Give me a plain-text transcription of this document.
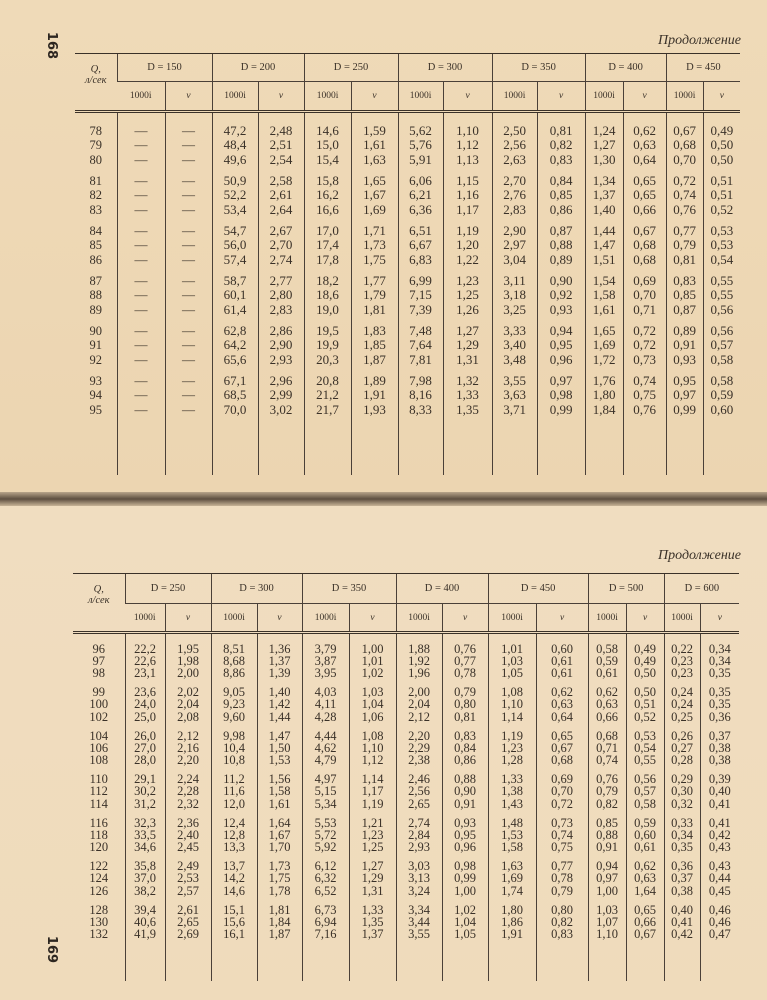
168	Продолжение
Q,
л/сек	D = 150		D = 200		D = 250		D = 300		D = 350		D = 400		D = 450	
	1000i	v	1000i	v	1000i	v	1000i	v	1000i	v	1000i	v	1000i	v

78	—	—	47,2	2,48	14,6	1,59	5,62	1,10	2,50	0,81	1,24	0,62	0,67	0,49
79	—	—	48,4	2,51	15,0	1,61	5,76	1,12	2,56	0,82	1,27	0,63	0,68	0,50
80	—	—	49,6	2,54	15,4	1,63	5,91	1,13	2,63	0,83	1,30	0,64	0,70	0,50

81	—	—	50,9	2,58	15,8	1,65	6,06	1,15	2,70	0,84	1,34	0,65	0,72	0,51
82	—	—	52,2	2,61	16,2	1,67	6,21	1,16	2,76	0,85	1,37	0,65	0,74	0,51
83	—	—	53,4	2,64	16,6	1,69	6,36	1,17	2,83	0,86	1,40	0,66	0,76	0,52

84	—	—	54,7	2,67	17,0	1,71	6,51	1,19	2,90	0,87	1,44	0,67	0,77	0,53
85	—	—	56,0	2,70	17,4	1,73	6,67	1,20	2,97	0,88	1,47	0,68	0,79	0,53
86	—	—	57,4	2,74	17,8	1,75	6,83	1,22	3,04	0,89	1,51	0,68	0,81	0,54

87	—	—	58,7	2,77	18,2	1,77	6,99	1,23	3,11	0,90	1,54	0,69	0,83	0,55
88	—	—	60,1	2,80	18,6	1,79	7,15	1,25	3,18	0,92	1,58	0,70	0,85	0,55
89	—	—	61,4	2,83	19,0	1,81	7,39	1,26	3,25	0,93	1,61	0,71	0,87	0,56

90	—	—	62,8	2,86	19,5	1,83	7,48	1,27	3,33	0,94	1,65	0,72	0,89	0,56
91	—	—	64,2	2,90	19,9	1,85	7,64	1,29	3,40	0,95	1,69	0,72	0,91	0,57
92	—	—	65,6	2,93	20,3	1,87	7,81	1,31	3,48	0,96	1,72	0,73	0,93	0,58

93	—	—	67,1	2,96	20,8	1,89	7,98	1,32	3,55	0,97	1,76	0,74	0,95	0,58
94	—	—	68,5	2,99	21,2	1,91	8,16	1,33	3,63	0,98	1,80	0,75	0,97	0,59
95	—	—	70,0	3,02	21,7	1,93	8,33	1,35	3,71	0,99	1,84	0,76	0,99	0,60

169
Продолжение
Q,
л/сек	D = 250		D = 300		D = 350		D = 400		D = 450		D = 500		D = 600	
	1000i	v	1000i	v	1000i	v	1000i	v	1000i	v	1000i	v	1000i	v

96	22,2	1,95	8,51	1,36	3,79	1,00	1,88	0,76	1,01	0,60	0,58	0,49	0,22	0,34
97	22,6	1,98	8,68	1,37	3,87	1,01	1,92	0,77	1,03	0,61	0,59	0,49	0,23	0,34
98	23,1	2,00	8,86	1,39	3,95	1,02	1,96	0,78	1,05	0,61	0,61	0,50	0,23	0,35

99	23,6	2,02	9,05	1,40	4,03	1,03	2,00	0,79	1,08	0,62	0,62	0,50	0,24	0,35
100	24,0	2,04	9,23	1,42	4,11	1,04	2,04	0,80	1,10	0,63	0,63	0,51	0,24	0,35
102	25,0	2,08	9,60	1,44	4,28	1,06	2,12	0,81	1,14	0,64	0,66	0,52	0,25	0,36

104	26,0	2,12	9,98	1,47	4,44	1,08	2,20	0,83	1,19	0,65	0,68	0,53	0,26	0,37
106	27,0	2,16	10,4	1,50	4,62	1,10	2,29	0,84	1,23	0,67	0,71	0,54	0,27	0,38
108	28,0	2,20	10,8	1,53	4,79	1,12	2,38	0,86	1,28	0,68	0,74	0,55	0,28	0,38

110	29,1	2,24	11,2	1,56	4,97	1,14	2,46	0,88	1,33	0,69	0,76	0,56	0,29	0,39
112	30,2	2,28	11,6	1,58	5,15	1,17	2,56	0,90	1,38	0,70	0,79	0,57	0,30	0,40
114	31,2	2,32	12,0	1,61	5,34	1,19	2,65	0,91	1,43	0,72	0,82	0,58	0,32	0,41

116	32,3	2,36	12,4	1,64	5,53	1,21	2,74	0,93	1,48	0,73	0,85	0,59	0,33	0,41
118	33,5	2,40	12,8	1,67	5,72	1,23	2,84	0,95	1,53	0,74	0,88	0,60	0,34	0,42
120	34,6	2,45	13,3	1,70	5,92	1,25	2,93	0,96	1,58	0,75	0,91	0,61	0,35	0,43

122	35,8	2,49	13,7	1,73	6,12	1,27	3,03	0,98	1,63	0,77	0,94	0,62	0,36	0,43
124	37,0	2,53	14,2	1,75	6,32	1,29	3,13	0,99	1,69	0,78	0,97	0,63	0,37	0,44
126	38,2	2,57	14,6	1,78	6,52	1,31	3,24	1,00	1,74	0,79	1,00	1,64	0,38	0,45

128	39,4	2,61	15,1	1,81	6,73	1,33	3,34	1,02	1,80	0,80	1,03	0,65	0,40	0,46
130	40,6	2,65	15,6	1,84	6,94	1,35	3,44	1,04	1,86	0,82	1,07	0,66	0,41	0,46
132	41,9	2,69	16,1	1,87	7,16	1,37	3,55	1,05	1,91	0,83	1,10	0,67	0,42	0,47
